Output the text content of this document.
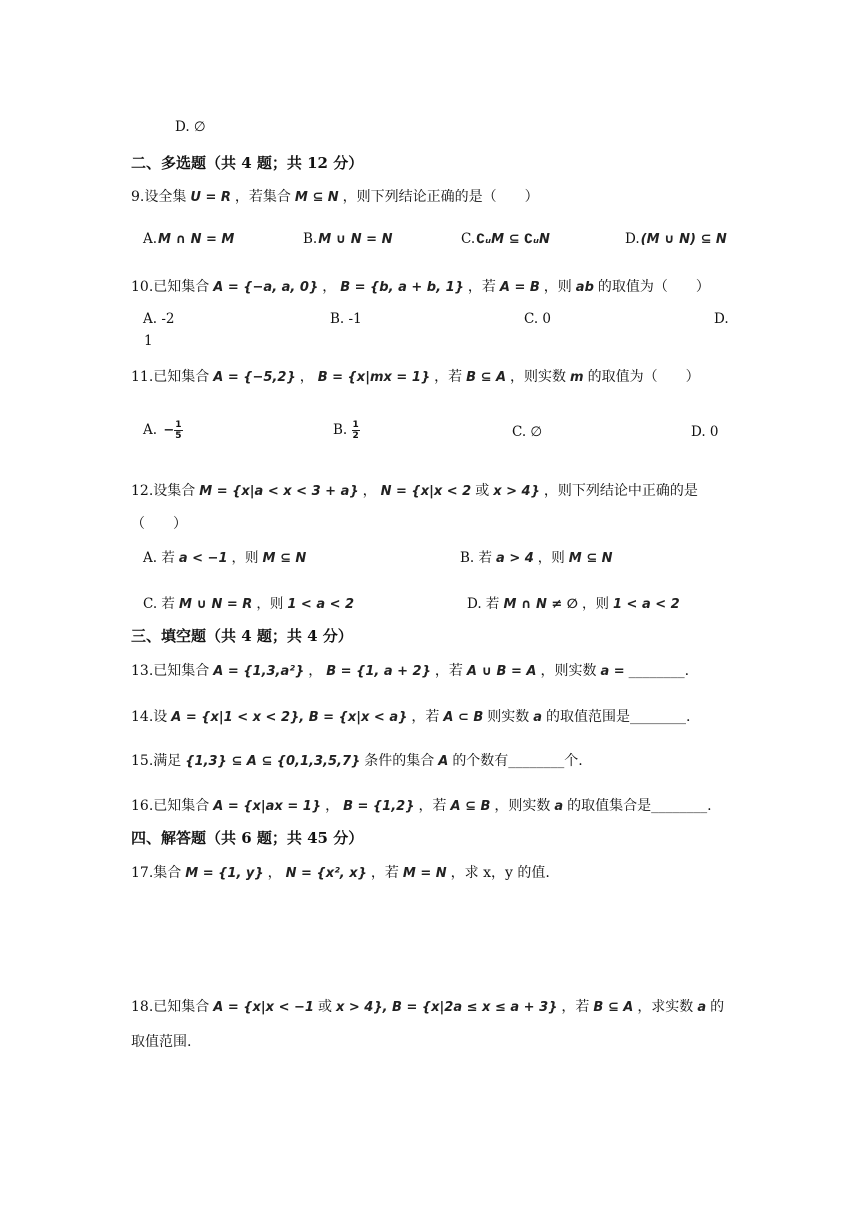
D. ∅
二、多选题（共 4 题；共 12 分）
9.设全集 U = R ，若集合 M ⊆ N ，则下列结论正确的是（　　）
A.M ∩ N = M	B.M ∪ N = N	C.∁ᵤM ⊆ ∁ᵤN	D.(M ∪ N) ⊆ N
10.已知集合 A = {−a, a, 0} ， B = {b, a + b, 1} ，若 A = B ，则 ab 的取值为（　　）
A. -2	B. -1	C. 0	D.
1
11.已知集合 A = {−5,2} ， B = {x|mx = 1} ，若 B ⊆ A ，则实数 m 的取值为（　　）
A. − $\frac{1}{5}$	B. $\frac{1}{2}$	C. ∅	D. 0
12.设集合 M = {x|a < x < 3 + a} ， N = {x|x < 2 或 x > 4} ，则下列结论中正确的是
（　　）
A. 若 a < −1 ，则 M ⊆ N	B. 若 a > 4 ，则 M ⊆ N
C. 若 M ∪ N = R ，则 1 < a < 2	D. 若 M ∩ N ≠ ∅ ，则 1 < a < 2
三、填空题（共 4 题；共 4 分）
13.已知集合 A = {1,3,a²} ， B = {1, a + 2} ，若 A ∪ B = A ，则实数 a = ________.
14.设 A = {x|1 < x < 2}, B = {x|x < a} ，若 A ⊂ B 则实数 a 的取值范围是________.
15.满足 {1,3} ⊆ A ⊆ {0,1,3,5,7} 条件的集合 A 的个数有________个.
16.已知集合 A = {x|ax = 1} ， B = {1,2} ，若 A ⊆ B ，则实数 a 的取值集合是________.
四、解答题（共 6 题；共 45 分）
17.集合 M = {1, y} ， N = {x², x} ，若 M = N ，求 x，y 的值.
18.已知集合 A = {x|x < −1 或 x > 4}, B = {x|2a ≤ x ≤ a + 3} ，若 B ⊆ A ，求实数 a 的
取值范围.
